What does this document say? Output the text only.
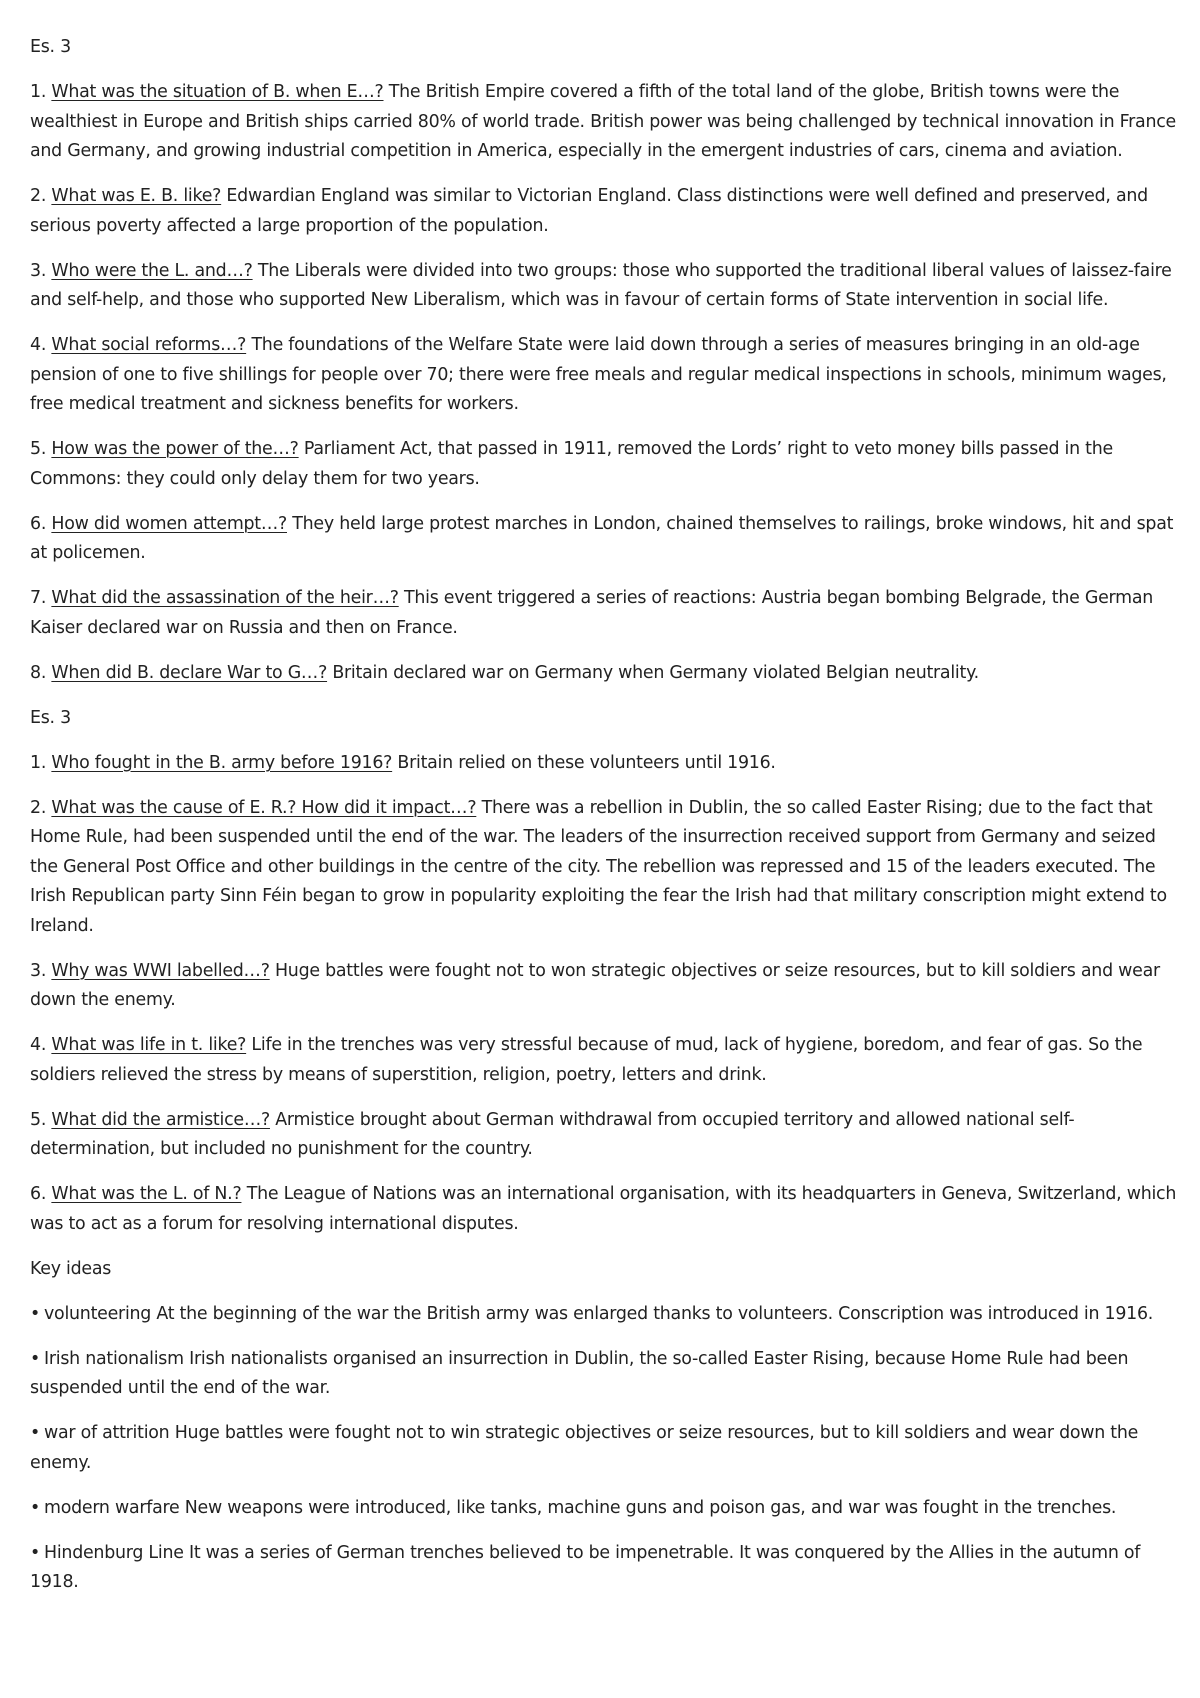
Es. 3

1. What was the situation of B. when E…? The British Empire covered a fifth of the total land of the globe, British towns were the wealthiest in Europe and British ships carried 80% of world trade. British power was being challenged by technical innovation in France and Germany, and growing industrial competition in America, especially in the emergent industries of cars, cinema and aviation.

2. What was E. B. like? Edwardian England was similar to Victorian England. Class distinctions were well defined and preserved, and serious poverty affected a large proportion of the population.

3. Who were the L. and…? The Liberals were divided into two groups: those who supported the traditional liberal values of laissez-faire and self-help, and those who supported New Liberalism, which was in favour of certain forms of State intervention in social life.

4. What social reforms…? The foundations of the Welfare State were laid down through a series of measures bringing in an old-age pension of one to five shillings for people over 70; there were free meals and regular medical inspections in schools, minimum wages, free medical treatment and sickness benefits for workers.

5. How was the power of the…? Parliament Act, that passed in 1911, removed the Lords’ right to veto money bills passed in the Commons: they could only delay them for two years.

6. How did women attempt…? They held large protest marches in London, chained themselves to railings, broke windows, hit and spat at policemen.

7. What did the assassination of the heir…? This event triggered a series of reactions: Austria began bombing Belgrade, the German Kaiser declared war on Russia and then on France.

8. When did B. declare War to G…? Britain declared war on Germany when Germany violated Belgian neutrality.

Es. 3

1. Who fought in the B. army before 1916? Britain relied on these volunteers until 1916.

2. What was the cause of E. R.? How did it impact…? There was a rebellion in Dublin, the so called Easter Rising; due to the fact that Home Rule, had been suspended until the end of the war. The leaders of the insurrection received support from Germany and seized the General Post Office and other buildings in the centre of the city. The rebellion was repressed and 15 of the leaders executed. The Irish Republican party Sinn Féin began to grow in popularity exploiting the fear the Irish had that military conscription might extend to Ireland.

3. Why was WWI labelled…? Huge battles were fought not to won strategic objectives or seize resources, but to kill soldiers and wear down the enemy.

4. What was life in t. like? Life in the trenches was very stressful because of mud, lack of hygiene, boredom, and fear of gas. So the soldiers relieved the stress by means of superstition, religion, poetry, letters and drink.

5. What did the armistice…? Armistice brought about German withdrawal from occupied territory and allowed national self-determination, but included no punishment for the country.

6. What was the L. of N.? The League of Nations was an international organisation, with its headquarters in Geneva, Switzerland, which was to act as a forum for resolving international disputes.

Key ideas

• volunteering At the beginning of the war the British army was enlarged thanks to volunteers. Conscription was introduced in 1916.

• Irish nationalism Irish nationalists organised an insurrection in Dublin, the so-called Easter Rising, because Home Rule had been suspended until the end of the war.

• war of attrition Huge battles were fought not to win strategic objectives or seize resources, but to kill soldiers and wear down the enemy.

• modern warfare New weapons were introduced, like tanks, machine guns and poison gas, and war was fought in the trenches.

• Hindenburg Line It was a series of German trenches believed to be impenetrable. It was conquered by the Allies in the autumn of 1918.
